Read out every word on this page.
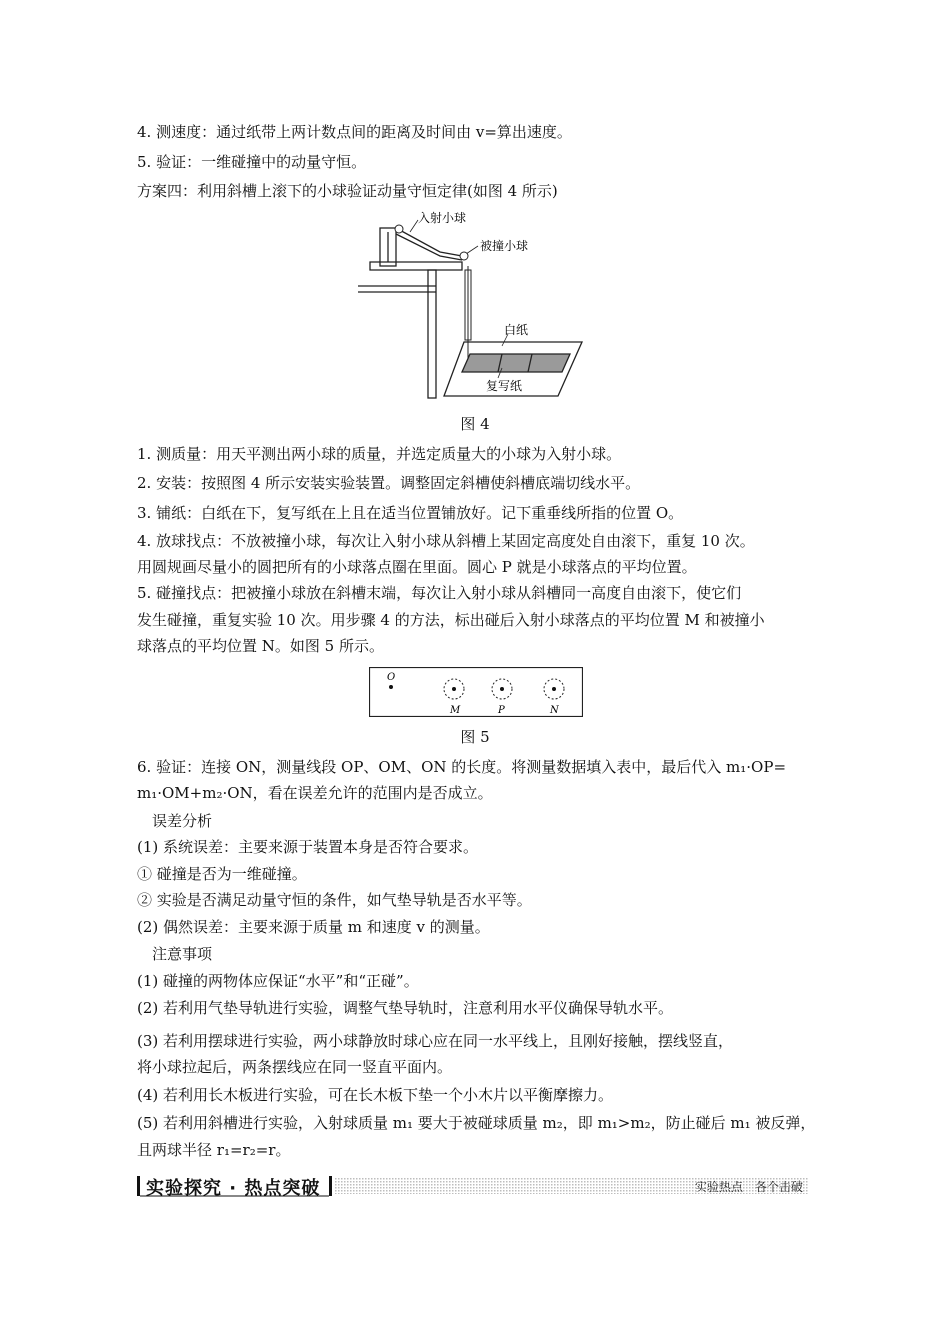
4. 测速度：通过纸带上两计数点间的距离及时间由 v=算出速度。
5. 验证：一维碰撞中的动量守恒。
方案四：利用斜槽上滚下的小球验证动量守恒定律(如图 4 所示)
入射小球
被撞小球
白纸
复写纸
图 4
1. 测质量：用天平测出两小球的质量，并选定质量大的小球为入射小球。
2. 安装：按照图 4 所示安装实验装置。调整固定斜槽使斜槽底端切线水平。
3. 铺纸：白纸在下，复写纸在上且在适当位置铺放好。记下重垂线所指的位置 O。
4. 放球找点：不放被撞小球，每次让入射小球从斜槽上某固定高度处自由滚下，重复 10 次。
用圆规画尽量小的圆把所有的小球落点圈在里面。圆心 P 就是小球落点的平均位置。
5. 碰撞找点：把被撞小球放在斜槽末端，每次让入射小球从斜槽同一高度自由滚下，使它们
发生碰撞，重复实验 10 次。用步骤 4 的方法，标出碰后入射小球落点的平均位置 M 和被撞小
球落点的平均位置 N。如图 5 所示。
O
M	P	N
图 5
6. 验证：连接 ON，测量线段 OP、OM、ON 的长度。将测量数据填入表中，最后代入 m₁·OP=
m₁·OM+m₂·ON，看在误差允许的范围内是否成立。
误差分析
(1) 系统误差：主要来源于装置本身是否符合要求。
① 碰撞是否为一维碰撞。
② 实验是否满足动量守恒的条件，如气垫导轨是否水平等。
(2) 偶然误差：主要来源于质量 m 和速度 v 的测量。
注意事项
(1) 碰撞的两物体应保证“水平”和“正碰”。
(2) 若利用气垫导轨进行实验，调整气垫导轨时，注意利用水平仪确保导轨水平。
(3) 若利用摆球进行实验，两小球静放时球心应在同一水平线上，且刚好接触，摆线竖直，
将小球拉起后，两条摆线应在同一竖直平面内。
(4) 若利用长木板进行实验，可在长木板下垫一个小木片以平衡摩擦力。
(5) 若利用斜槽进行实验，入射球质量 m₁ 要大于被碰球质量 m₂，即 m₁>m₂，防止碰后 m₁ 被反弹，
且两球半径 r₁=r₂=r。
实验探究 · 热点突破	实验热点　各个击破
